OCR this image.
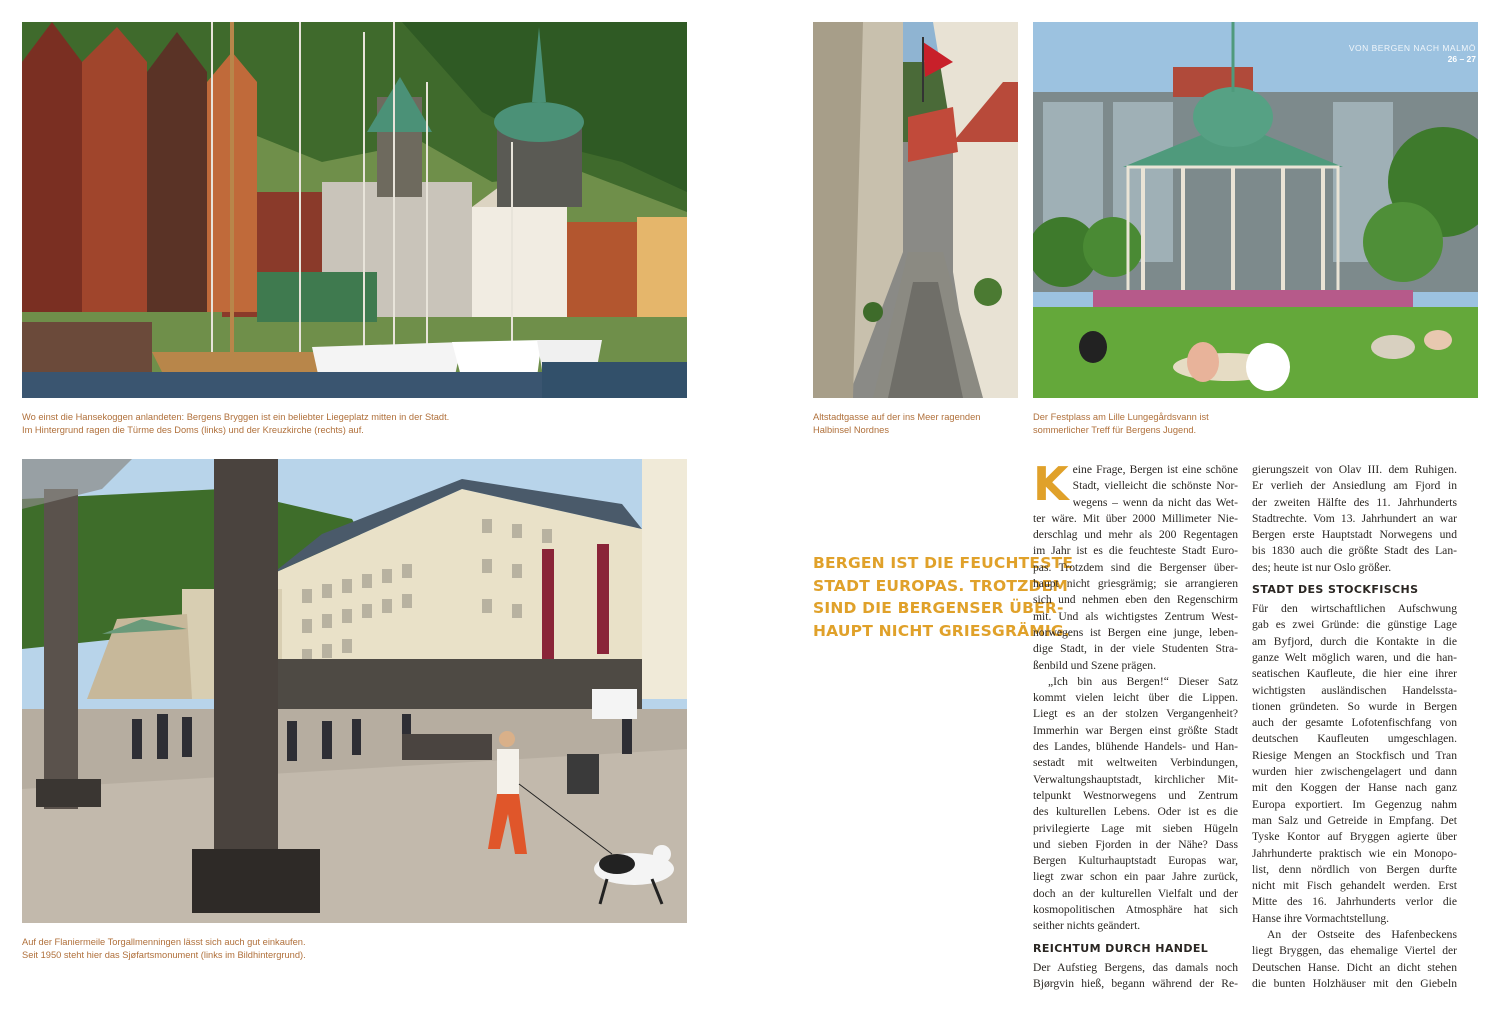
Wo einst die Hansekoggen anlandeten: Bergens Bryggen ist ein beliebter Liegeplatz mitten in der Stadt.
Im Hintergrund ragen die Türme des Doms (links) und der Kreuzkirche (rechts) auf.

Altstadtgasse auf der ins Meer ragenden
Halbinsel Nordnes

VON BERGEN NACH MALMÖ
26 – 27

Der Festplass am Lille Lungegårdsvann ist
sommerlicher Treff für Bergens Jugend.

Auf der Flaniermeile Torgallmenningen lässt sich auch gut einkaufen.
Seit 1950 steht hier das Sjøfartsmonument (links im Bildhintergrund).

BERGEN IST DIE FEUCHTESTE
STADT EUROPAS. TROTZDEM
SIND DIE BERGENSER ÜBER-
HAUPT NICHT GRIESGRÄMIG.

K eine Frage, Bergen ist eine schöne
Stadt, vielleicht die schönste Nor-
wegens – wenn da nicht das Wet-

ter wäre. Mit über 2000 Millimeter Nie-
derschlag und mehr als 200 Regentagen
im Jahr ist es die feuchteste Stadt Euro-
pas. Trotzdem sind die Bergenser über-
haupt nicht griesgrämig; sie arrangieren
sich und nehmen eben den Regenschirm
mit. Und als wichtigstes Zentrum West-
norwegens ist Bergen eine junge, leben-
dige Stadt, in der viele Studenten Stra-
ßenbild und Szene prägen.

„Ich bin aus Bergen!“ Dieser Satz
kommt vielen leicht über die Lippen.
Liegt es an der stolzen Vergangenheit?
Immerhin war Bergen einst größte Stadt
des Landes, blühende Handels- und Han-
sestadt mit weltweiten Verbindungen,
Verwaltungshauptstadt, kirchlicher Mit-
telpunkt Westnorwegens und Zentrum
des kulturellen Lebens. Oder ist es die
privilegierte Lage mit sieben Hügeln
und sieben Fjorden in der Nähe? Dass
Bergen Kulturhauptstadt Europas war,
liegt zwar schon ein paar Jahre zurück,
doch an der kulturellen Vielfalt und der
kosmopolitischen Atmosphäre hat sich
seither nichts geändert.

REICHTUM DURCH HANDEL

Der Aufstieg Bergens, das damals noch
Bjørgvin hieß, begann während der Re-

gierungszeit von Olav III. dem Ruhigen.
Er verlieh der Ansiedlung am Fjord in
der zweiten Hälfte des 11. Jahrhunderts
Stadtrechte. Vom 13. Jahrhundert an war
Bergen erste Hauptstadt Norwegens und
bis 1830 auch die größte Stadt des Lan-
des; heute ist nur Oslo größer.

STADT DES STOCKFISCHS

Für den wirtschaftlichen Aufschwung
gab es zwei Gründe: die günstige Lage
am Byfjord, durch die Kontakte in die
ganze Welt möglich waren, und die han-
seatischen Kaufleute, die hier eine ihrer
wichtigsten ausländischen Handelssta-
tionen gründeten. So wurde in Bergen
auch der gesamte Lofotenfischfang von
deutschen Kaufleuten umgeschlagen.
Riesige Mengen an Stockfisch und Tran
wurden hier zwischengelagert und dann
mit den Koggen der Hanse nach ganz
Europa exportiert. Im Gegenzug nahm
man Salz und Getreide in Empfang. Det
Tyske Kontor auf Bryggen agierte über
Jahrhunderte praktisch wie ein Monopo-
list, denn nördlich von Bergen durfte
nicht mit Fisch gehandelt werden. Erst
Mitte des 16. Jahrhunderts verlor die
Hanse ihre Vormachtstellung.

An der Ostseite des Hafenbeckens
liegt Bryggen, das ehemalige Viertel der
Deutschen Hanse. Dicht an dicht stehen
die bunten Holzhäuser mit den Giebeln
